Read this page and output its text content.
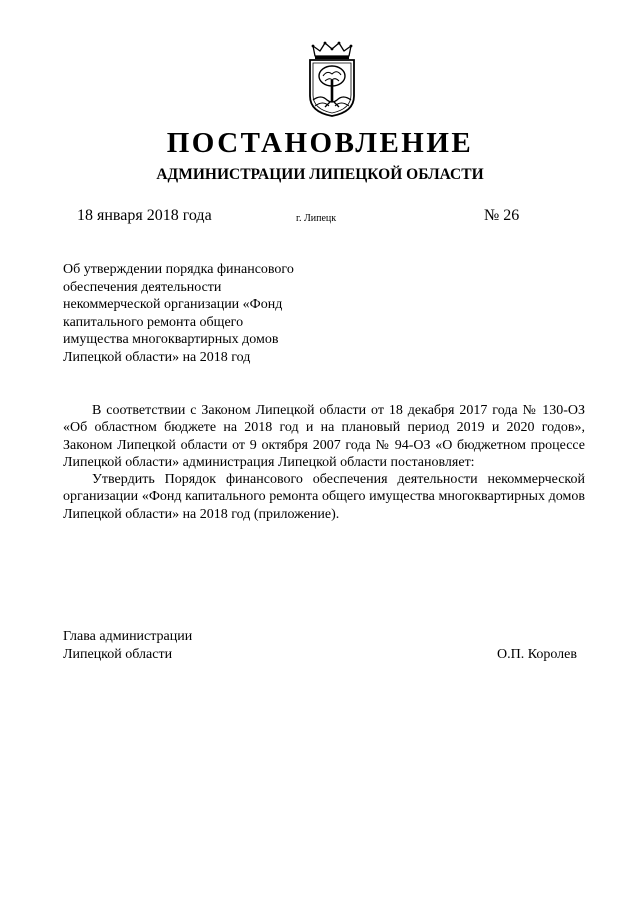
ПОСТАНОВЛЕНИЕ
АДМИНИСТРАЦИИ ЛИПЕЦКОЙ ОБЛАСТИ
18 января 2018 года	г. Липецк	№ 26
Об утверждении порядка финансового
обеспечения деятельности
некоммерческой организации «Фонд
капитального ремонта общего
имущества многоквартирных домов
Липецкой области» на 2018 год

В соответствии с Законом Липецкой области от 18 декабря 2017 года № 130-ОЗ «Об областном бюджете на 2018 год и на плановый период 2019 и 2020 годов», Законом Липецкой области от 9 октября 2007 года № 94-ОЗ «О бюджетном процессе Липецкой области» администрация Липецкой области постановляет:

Утвердить Порядок финансового обеспечения деятельности некоммерческой организации «Фонд капитального ремонта общего имущества многоквартирных домов Липецкой области» на 2018 год (приложение).

Глава администрации
Липецкой области	О.П. Королев
